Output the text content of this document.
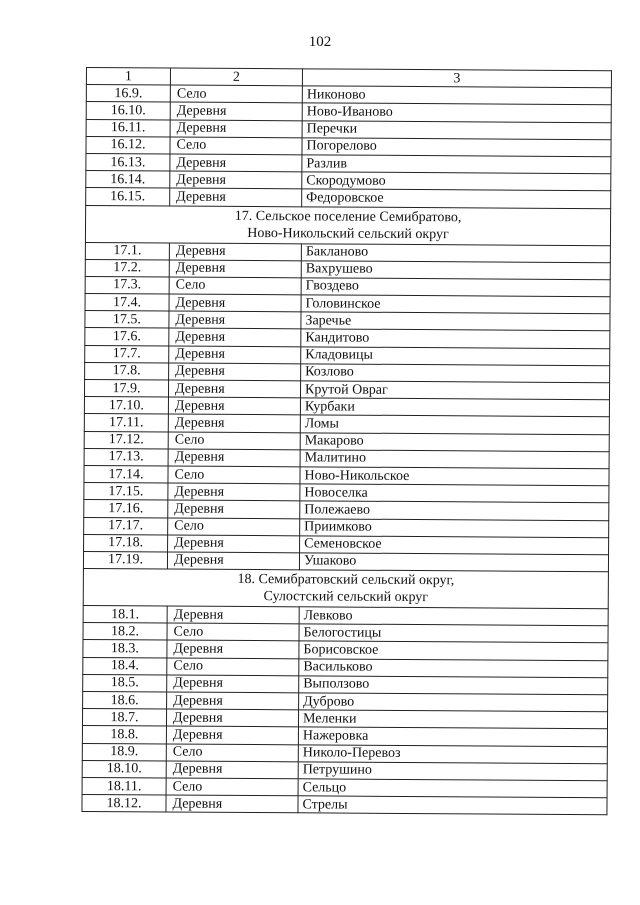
102
1	2	3
16.9.	Село	Никоново
16.10.	Деревня	Ново-Иваново
16.11.	Деревня	Перечки
16.12.	Село	Погорелово
16.13.	Деревня	Разлив
16.14.	Деревня	Скородумово
16.15.	Деревня	Федоровское

17. Сельское поселение Семибратово,
Ново-Никольский сельский округ		

17.1.	Деревня	Бакланово
17.2.	Деревня	Вахрушево
17.3.	Село	Гвоздево
17.4.	Деревня	Головинское
17.5.	Деревня	Заречье
17.6.	Деревня	Кандитово
17.7.	Деревня	Кладовицы
17.8.	Деревня	Козлово
17.9.	Деревня	Крутой Овраг
17.10.	Деревня	Курбаки
17.11.	Деревня	Ломы
17.12.	Село	Макарово
17.13.	Деревня	Малитино
17.14.	Село	Ново-Никольское
17.15.	Деревня	Новоселка
17.16.	Деревня	Полежаево
17.17.	Село	Приимково
17.18.	Деревня	Семеновское
17.19.	Деревня	Ушаково

18. Семибратовский сельский округ,
Сулостский сельский округ		

18.1.	Деревня	Левково
18.2.	Село	Белогостицы
18.3.	Деревня	Борисовское
18.4.	Село	Васильково
18.5.	Деревня	Выползово
18.6.	Деревня	Дуброво
18.7.	Деревня	Меленки
18.8.	Деревня	Нажеровка
18.9.	Село	Николо-Перевоз
18.10.	Деревня	Петрушино
18.11.	Село	Сельцо
18.12.	Деревня	Стрелы
